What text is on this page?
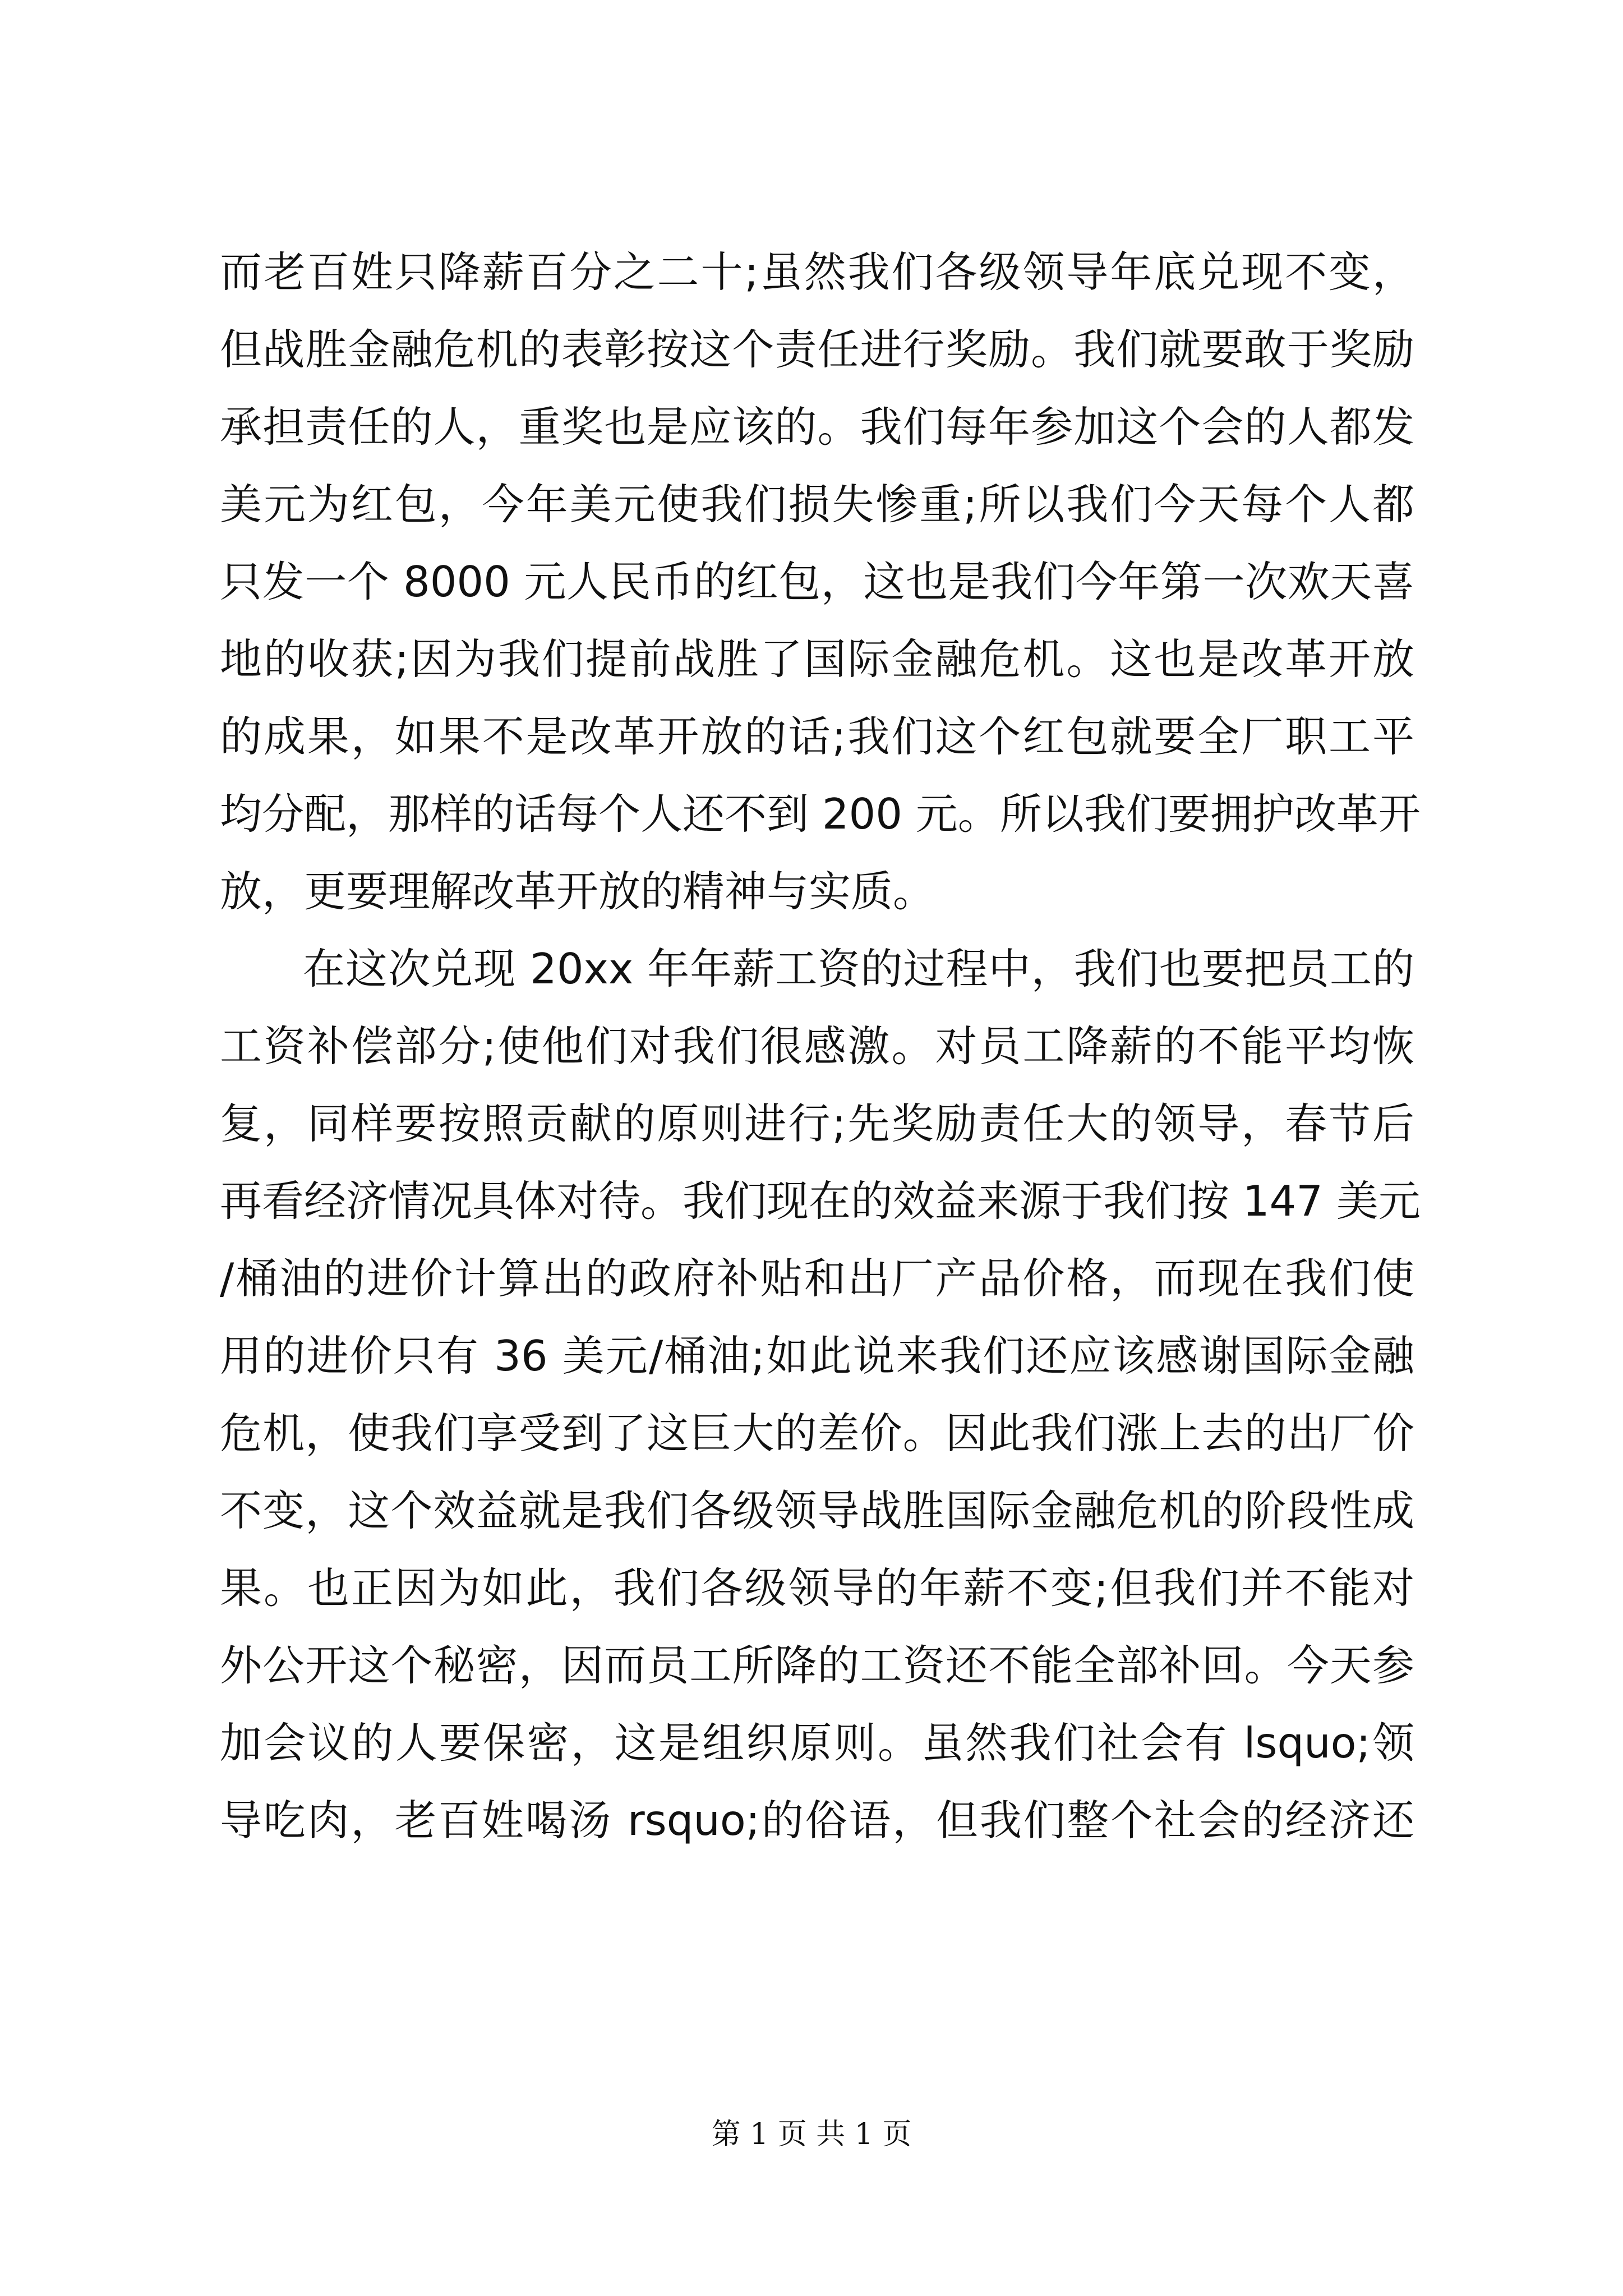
而老百姓只降薪百分之二十;虽然我们各级领导年底兑现不变，
但战胜金融危机的表彰按这个责任进行奖励。我们就要敢于奖励
承担责任的人，重奖也是应该的。我们每年参加这个会的人都发
美元为红包，今年美元使我们损失惨重;所以我们今天每个人都
只发一个 8000 元人民币的红包，这也是我们今年第一次欢天喜
地的收获;因为我们提前战胜了国际金融危机。这也是改革开放
的成果，如果不是改革开放的话;我们这个红包就要全厂职工平
均分配，那样的话每个人还不到 200 元。所以我们要拥护改革开
放，更要理解改革开放的精神与实质。
在这次兑现 20xx 年年薪工资的过程中，我们也要把员工的
工资补偿部分;使他们对我们很感激。对员工降薪的不能平均恢
复，同样要按照贡献的原则进行;先奖励责任大的领导，春节后
再看经济情况具体对待。我们现在的效益来源于我们按 147 美元
/桶油的进价计算出的政府补贴和出厂产品价格，而现在我们使
用的进价只有 36 美元/桶油;如此说来我们还应该感谢国际金融
危机，使我们享受到了这巨大的差价。因此我们涨上去的出厂价
不变，这个效益就是我们各级领导战胜国际金融危机的阶段性成
果。也正因为如此，我们各级领导的年薪不变;但我们并不能对
外公开这个秘密，因而员工所降的工资还不能全部补回。今天参
加会议的人要保密，这是组织原则。虽然我们社会有 lsquo;领
导吃肉，老百姓喝汤 rsquo;的俗语，但我们整个社会的经济还
第 1 页 共 1 页
